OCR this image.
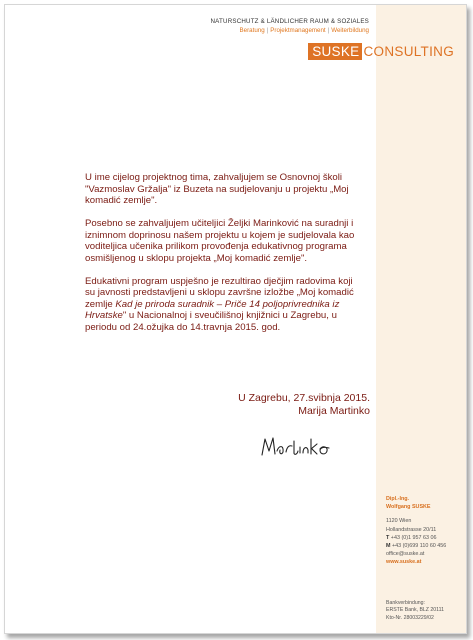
NATURSCHUTZ & LÄNDLICHER RAUM & SOZIALES
Beratung | Projektmanagement | Weiterbildung
SUSKE CONSULTING

U ime cijelog projektnog tima, zahvaljujem se Osnovnoj školi "Vazmoslav Gržalja" iz Buzeta na sudjelovanju u projektu „Moj komadić zemlje".

Posebno se zahvaljujem učiteljici Željki Marinković na suradnji i iznimnom doprinosu našem projektu u kojem je sudjelovala kao voditeljica učenika prilikom provođenja edukativnog programa osmišljenog u sklopu projekta „Moj komadić zemlje".

Edukativni program uspješno je rezultirao dječjim radovima koji su javnosti predstavljeni u sklopu završne izložbe „Moj komadić zemlje Kad je priroda suradnik – Priče 14 poljoprivrednika iz Hrvatske" u Nacionalnoj i sveučilišnoj knjižnici u Zagrebu, u periodu od 24.ožujka do 14.travnja 2015. god.

U Zagrebu, 27.svibnja 2015.
Marija Martinko
Dipl.-Ing.
Wolfgang SUSKE
1120 Wien
Hollandstrasse 20/11
T +43 (0)1 957 63 06
M +43 (0)699 110 60 456
office@suske.at
www.suske.at
Bankverbindung:
ERSTE Bank, BLZ 20111
Kto-Nr. 28003229/02
